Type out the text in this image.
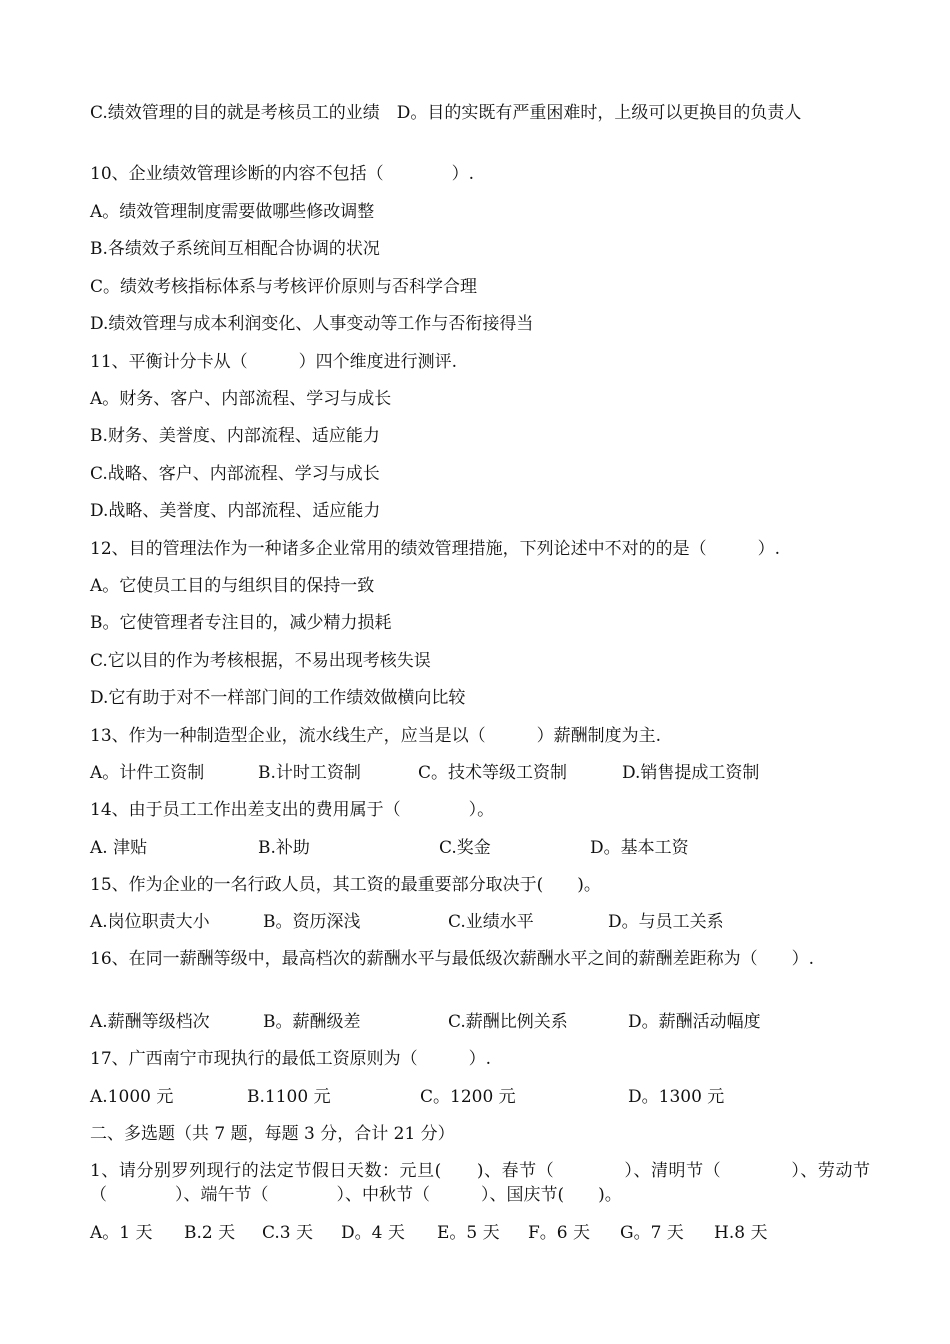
C.绩效管理的目的就是考核员工的业绩　D。目的实既有严重困难时，上级可以更换目的负责人
10、企业绩效管理诊断的内容不包括（　　　　）.
A。绩效管理制度需要做哪些修改调整
B.各绩效子系统间互相配合协调的状况
C。绩效考核指标体系与考核评价原则与否科学合理
D.绩效管理与成本利润变化、人事变动等工作与否衔接得当
11、平衡计分卡从（　　　）四个维度进行测评.
A。财务、客户、内部流程、学习与成长
B.财务、美誉度、内部流程、适应能力
C.战略、客户、内部流程、学习与成长
D.战略、美誉度、内部流程、适应能力
12、目的管理法作为一种诸多企业常用的绩效管理措施，下列论述中不对的的是（　　　）.
A。它使员工目的与组织目的保持一致
B。它使管理者专注目的，减少精力损耗
C.它以目的作为考核根据，不易出现考核失误
D.它有助于对不一样部门间的工作绩效做横向比较
13、作为一种制造型企业，流水线生产，应当是以（　　　）薪酬制度为主.
A。计件工资制	B.计时工资制	C。技术等级工资制	D.销售提成工资制
14、由于员工工作出差支出的费用属于（　　　　）。
A. 津贴	B.补助	C.奖金	D。基本工资
15、作为企业的一名行政人员，其工资的最重要部分取决于(　　)。
A.岗位职责大小	B。资历深浅	C.业绩水平	D。与员工关系
16、在同一薪酬等级中，最高档次的薪酬水平与最低级次薪酬水平之间的薪酬差距称为（　　）.
A.薪酬等级档次	B。薪酬级差	C.薪酬比例关系	D。薪酬活动幅度
17、广西南宁市现执行的最低工资原则为（　　　）.
A.1000 元	B.1100 元	C。1200 元	D。1300 元
二、多选题（共 7 题，每题 3 分，合计 21 分）
1、请分别罗列现行的法定节假日天数：元旦(　　)、春节（　　　　）、清明节（　　　　）、劳动节（　　　　）、端午节（　　　　）、中秋节（　　　）、国庆节(　　)。
A。1 天 B.2 天 C.3 天 D。4 天 E。5 天 F。6 天 G。7 天 H.8 天
